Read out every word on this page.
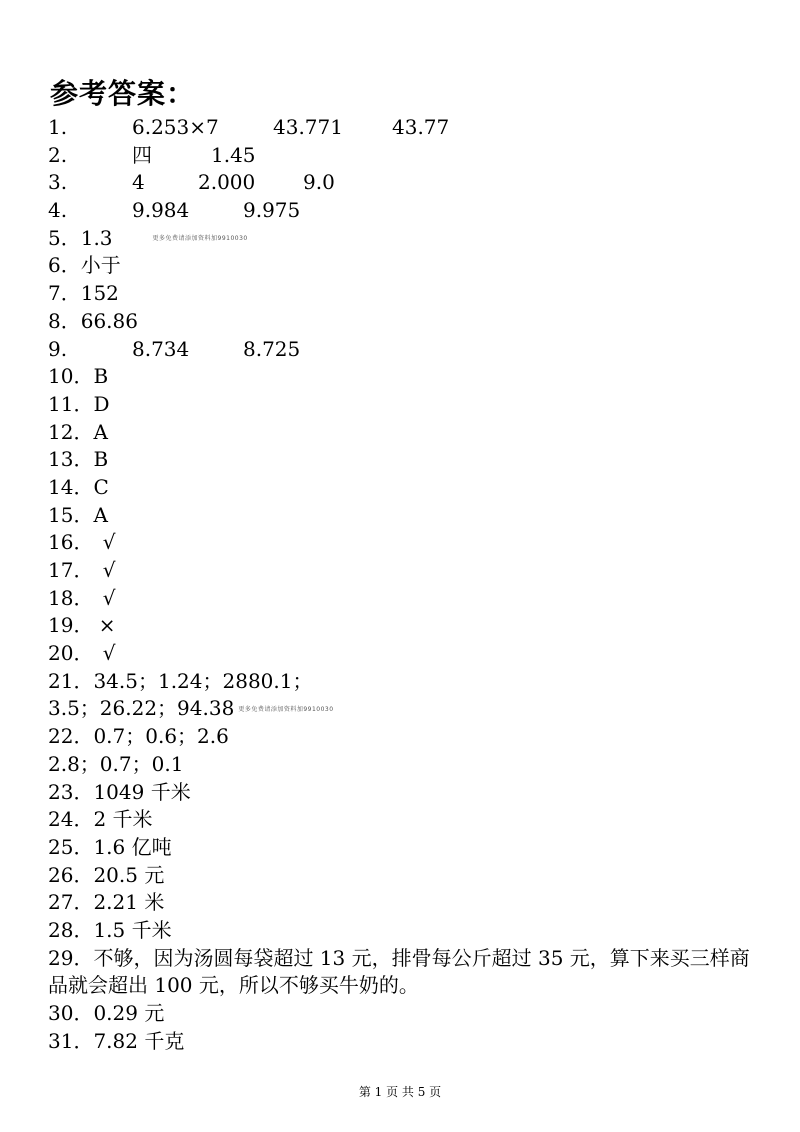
参考答案：
1.	6.253×7	43.771 43.77
2.	四	1.45
3.	4	2.000 9.0
4.	9.984	9.975
5．1.3	更多免费请添加资料加9910030
6．小于
7．152
8．66.86
9.	8.734	8.725
10．B
11．D
12．A
13．B
14．C
15．A
16． √
17． √
18． √
19． ×
20． √
21．34.5；1.24；2880.1；
3.5；26.22；94.38 更多免费请添加资料加9910030
22．0.7；0.6；2.6
2.8；0.7；0.1
23．1049 千米
24．2 千米
25．1.6 亿吨
26．20.5 元
27．2.21 米
28．1.5 千米
29．不够，因为汤圆每袋超过 13 元，排骨每公斤超过 35 元，算下来买三样商品就会超出 100 元，所以不够买牛奶的。
30．0.29 元
31．7.82 千克
第 1 页 共 5 页
